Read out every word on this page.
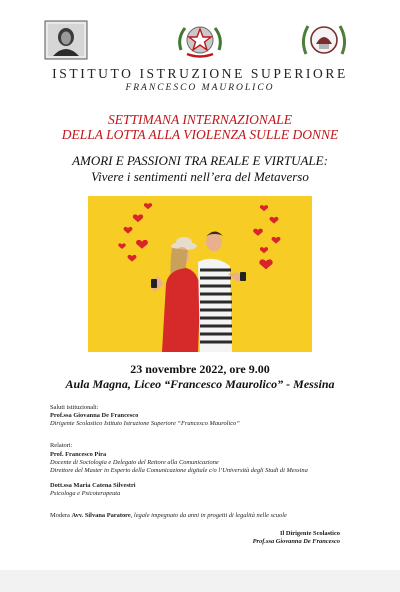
ISTITUTO ISTRUZIONE SUPERIORE
FRANCESCO MAUROLICO
SETTIMANA INTERNAZIONALE
DELLA LOTTA ALLA VIOLENZA SULLE DONNE
AMORI E PASSIONI TRA REALE E VIRTUALE:
Vivere i sentimenti nell’era del Metaverso
23 novembre 2022, ore 9.00
Aula Magna, Liceo “Francesco Maurolico” - Messina
Saluti istituzionali:
Prof.ssa Giovanna De Francesco
Dirigente Scolastico Istituto Istruzione Superiore “Francesco Maurolico”
Relatori:
Prof. Francesco Pira
Docente di Sociologia e Delegato del Rettore alla Comunicazione
Direttore del Master in Esperto della Comunicazione digitale c/o l’Università degli Studi di Messina
Dott.ssa Maria Catena Silvestri
Psicologa e Psicoterapeuta
Modera Avv. Silvana Paratore, legale impegnato da anni in progetti di legalità nelle scuole
Il Dirigente Scolastico
Prof.ssa Giovanna De Francesco
